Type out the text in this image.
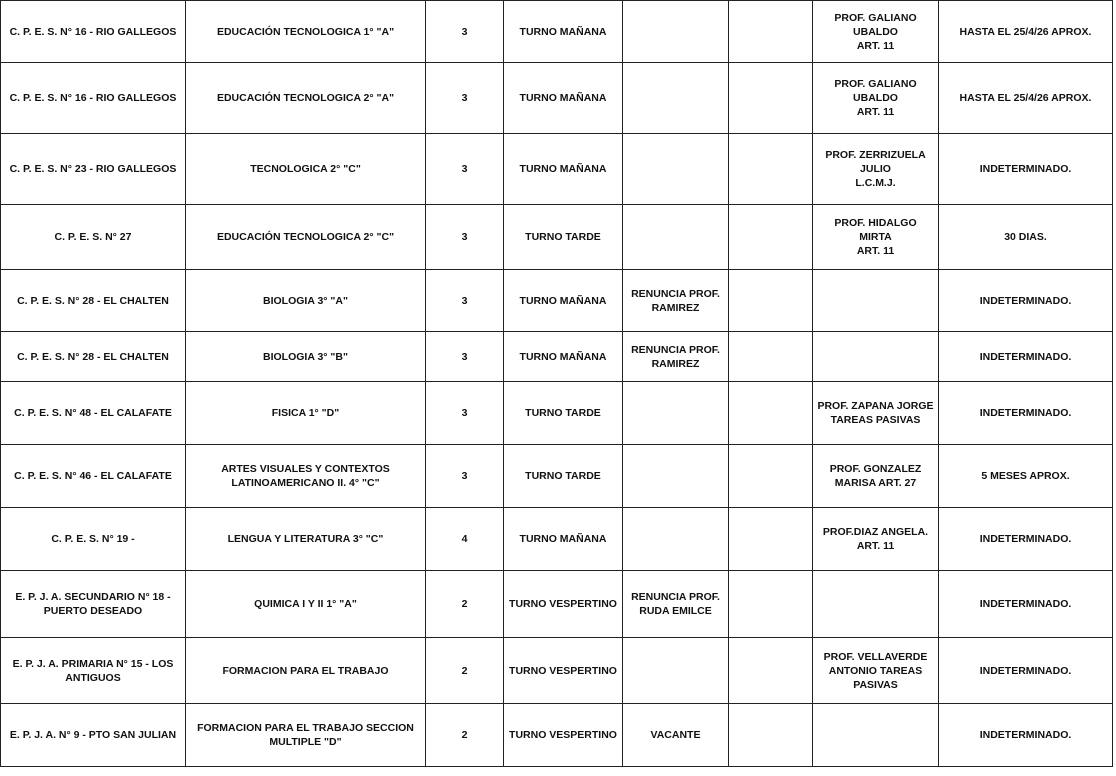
C. P. E. S. N° 16 - RIO GALLEGOS	EDUCACIÓN TECNOLOGICA 1° "A"	3	TURNO MAÑANA			PROF. GALIANO UBALDO
ART. 11	HASTA EL 25/4/26 APROX.
C. P. E. S. N° 16 - RIO GALLEGOS	EDUCACIÓN TECNOLOGICA 2° "A"	3	TURNO MAÑANA			PROF. GALIANO UBALDO
ART. 11	HASTA EL 25/4/26 APROX.
C. P. E. S. N° 23 - RIO GALLEGOS	TECNOLOGICA 2° "C"	3	TURNO MAÑANA			PROF. ZERRIZUELA JULIO
L.C.M.J.	INDETERMINADO.
C. P. E. S. N° 27	EDUCACIÓN TECNOLOGICA 2° "C"	3	TURNO TARDE			PROF. HIDALGO MIRTA
ART. 11	30 DIAS.
C. P. E. S. N° 28 - EL CHALTEN	BIOLOGIA 3° "A"	3	TURNO MAÑANA	RENUNCIA PROF.
RAMIREZ			INDETERMINADO.
C. P. E. S. N° 28 - EL CHALTEN	BIOLOGIA 3° "B"	3	TURNO MAÑANA	RENUNCIA PROF.
RAMIREZ			INDETERMINADO.
C. P. E. S. N° 48 - EL CALAFATE	FISICA 1° "D"	3	TURNO TARDE			PROF. ZAPANA JORGE
TAREAS PASIVAS	INDETERMINADO.
C. P. E. S. N° 46 - EL CALAFATE	ARTES VISUALES Y CONTEXTOS
LATINOAMERICANO II. 4° "C"	3	TURNO TARDE			PROF. GONZALEZ
MARISA ART. 27	5 MESES APROX.
C. P. E. S. N° 19 -	LENGUA Y LITERATURA 3° "C"	4	TURNO MAÑANA			PROF.DIAZ ANGELA.
ART. 11	INDETERMINADO.
E. P. J. A. SECUNDARIO N° 18 -
PUERTO DESEADO	QUIMICA I Y II 1° "A"	2	TURNO VESPERTINO	RENUNCIA PROF.
RUDA EMILCE			INDETERMINADO.
E. P. J. A. PRIMARIA N° 15 - LOS
ANTIGUOS	FORMACION PARA EL TRABAJO	2	TURNO VESPERTINO			PROF. VELLAVERDE
ANTONIO TAREAS
PASIVAS	INDETERMINADO.
E. P. J. A. N° 9 - PTO SAN JULIAN	FORMACION PARA EL TRABAJO SECCION
MULTIPLE "D"	2	TURNO VESPERTINO	VACANTE			INDETERMINADO.
